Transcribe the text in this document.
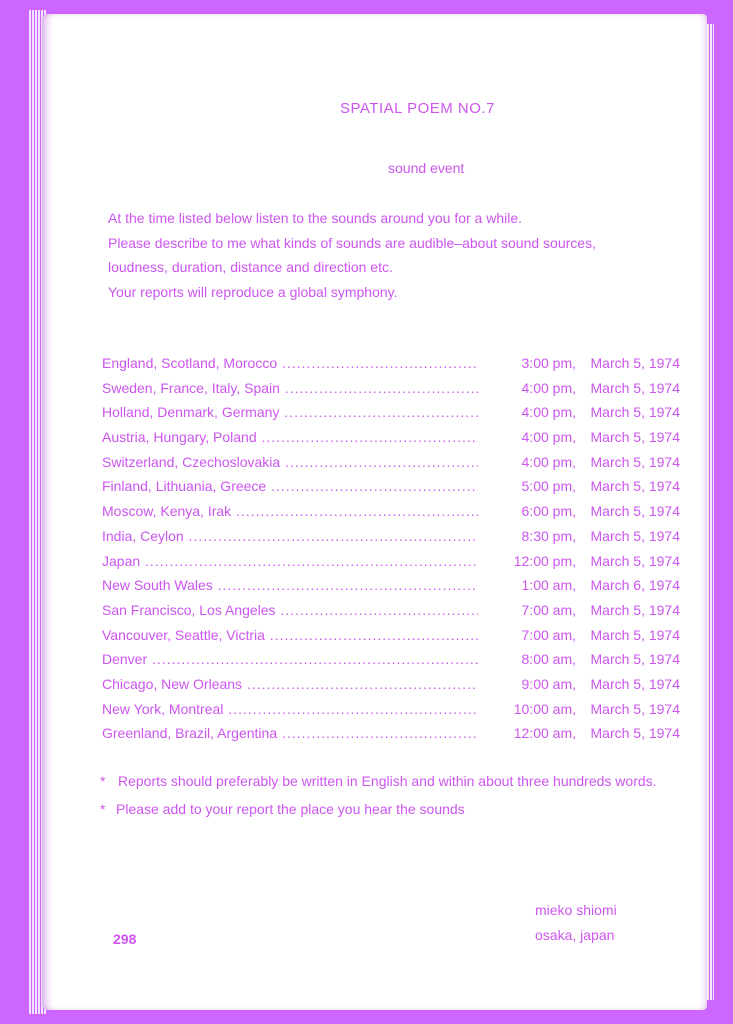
SPATIAL POEM NO.7
sound event
At the time listed below listen to the sounds around you for a while.
Please describe to me what kinds of sounds are audible–about sound sources,
loudness, duration, distance and direction etc.
Your reports will reproduce a global symphony.
England, Scotland, Morocco .....	3:00 pm,	March 5, 1974
Sweden, France, Italy, Spain .....	4:00 pm,	March 5, 1974
Holland, Denmark, Germany .....	4:00 pm,	March 5, 1974
Austria, Hungary, Poland .....	4:00 pm,	March 5, 1974
Switzerland, Czechoslovakia .....	4:00 pm,	March 5, 1974
Finland, Lithuania, Greece .....	5:00 pm,	March 5, 1974
Moscow, Kenya, Irak .....	6:00 pm,	March 5, 1974
India, Ceylon .....	8:30 pm,	March 5, 1974
Japan .....	12:00 pm,	March 5, 1974
New South Wales .....	1:00 am,	March 6, 1974
San Francisco, Los Angeles .....	7:00 am,	March 5, 1974
Vancouver, Seattle, Victria .....	7:00 am,	March 5, 1974
Denver .....	8:00 am,	March 5, 1974
Chicago, New Orleans .....	9:00 am,	March 5, 1974
New York, Montreal .....	10:00 am,	March 5, 1974
Greenland, Brazil, Argentina .....	12:00 am,	March 5, 1974
* Reports should preferably be written in English and within about three hundreds words.
* Please add to your report the place you hear the sounds
mieko shiomi
osaka, japan
298
